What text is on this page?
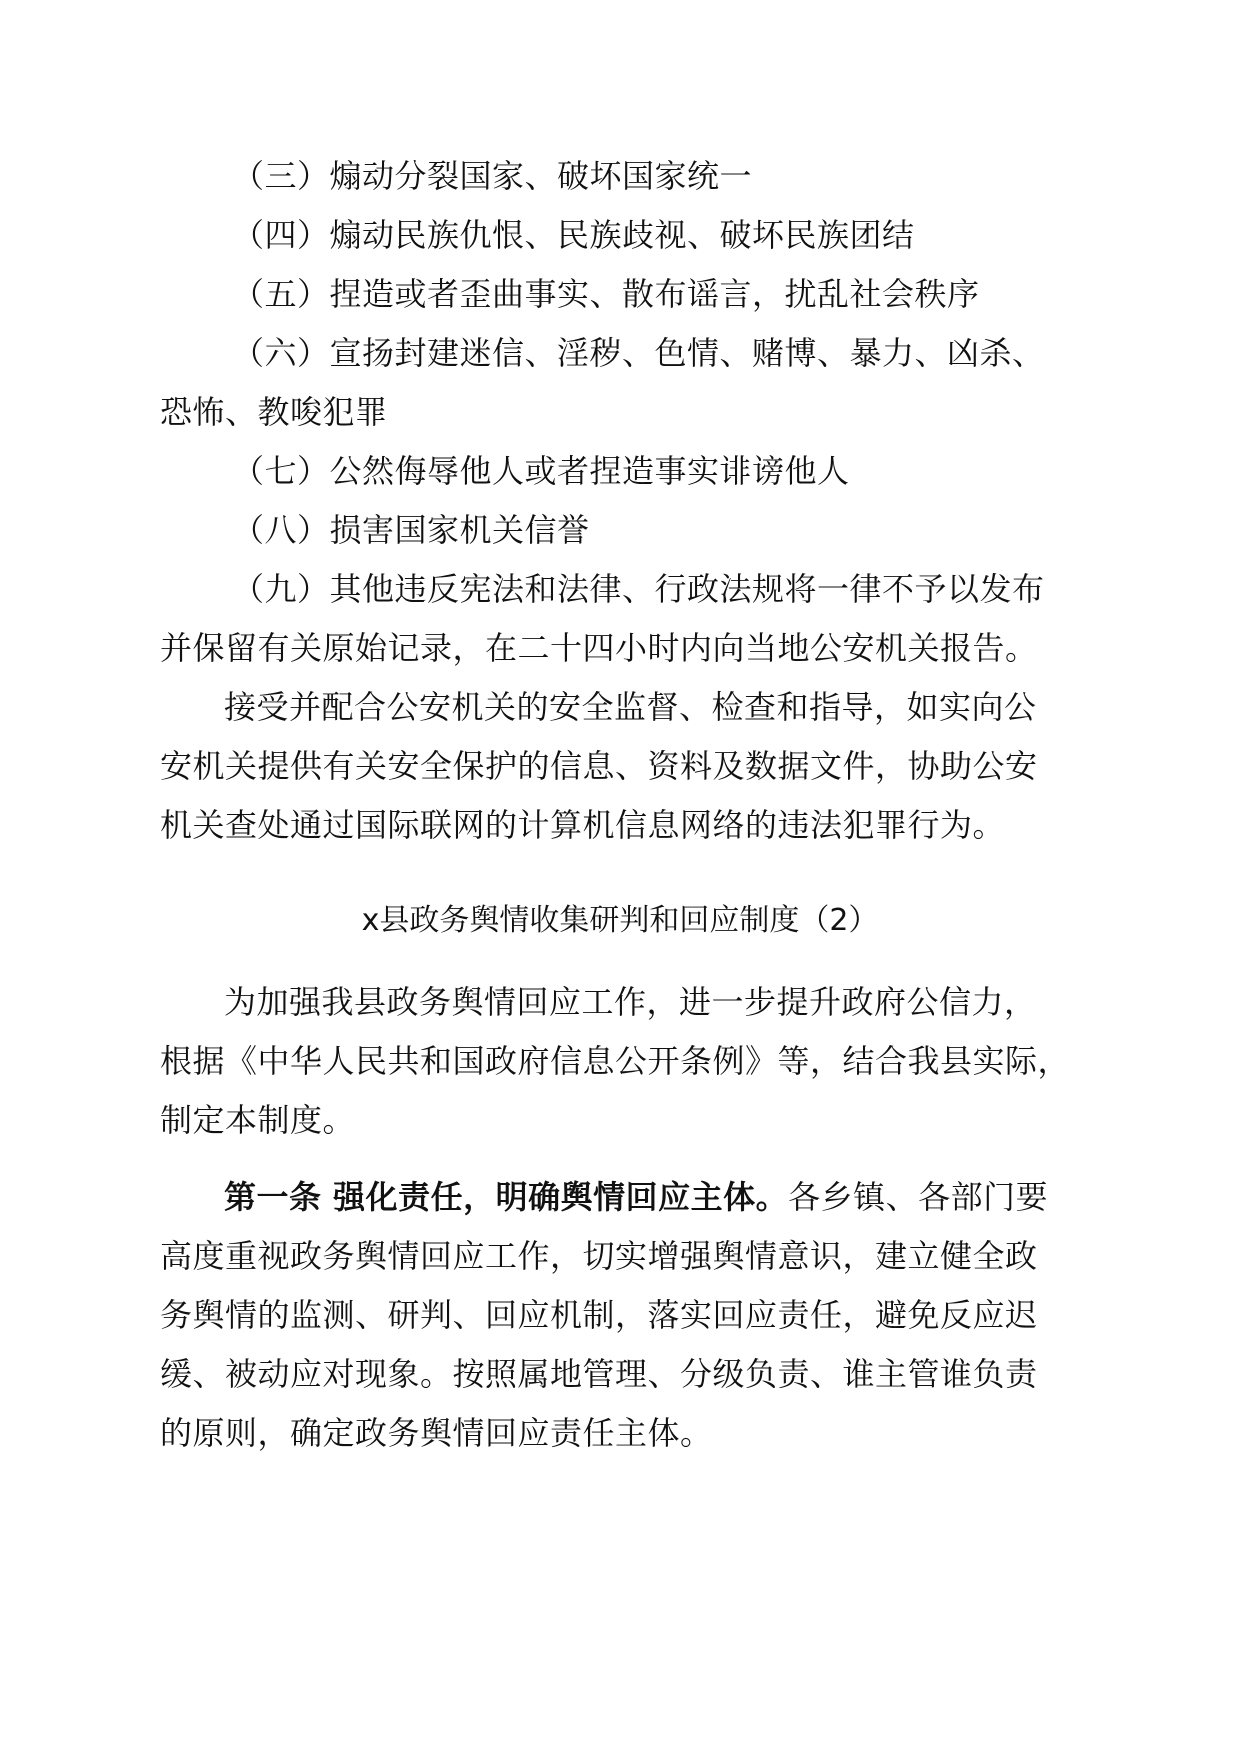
（三）煽动分裂国家、破坏国家统一
（四）煽动民族仇恨、民族歧视、破坏民族团结
（五）捏造或者歪曲事实、散布谣言，扰乱社会秩序
（六）宣扬封建迷信、淫秽、色情、赌博、暴力、凶杀、
恐怖、教唆犯罪
（七）公然侮辱他人或者捏造事实诽谤他人
（八）损害国家机关信誉
（九）其他违反宪法和法律、行政法规将一律不予以发布
并保留有关原始记录，在二十四小时内向当地公安机关报告。
接受并配合公安机关的安全监督、检查和指导，如实向公
安机关提供有关安全保护的信息、资料及数据文件，协助公安
机关查处通过国际联网的计算机信息网络的违法犯罪行为。
x县政务舆情收集研判和回应制度（2）
为加强我县政务舆情回应工作，进一步提升政府公信力，
根据《中华人民共和国政府信息公开条例》等，结合我县实际，
制定本制度。
第一条 强化责任，明确舆情回应主体。各乡镇、各部门要
高度重视政务舆情回应工作，切实增强舆情意识，建立健全政
务舆情的监测、研判、回应机制，落实回应责任，避免反应迟
缓、被动应对现象。按照属地管理、分级负责、谁主管谁负责
的原则，确定政务舆情回应责任主体。
